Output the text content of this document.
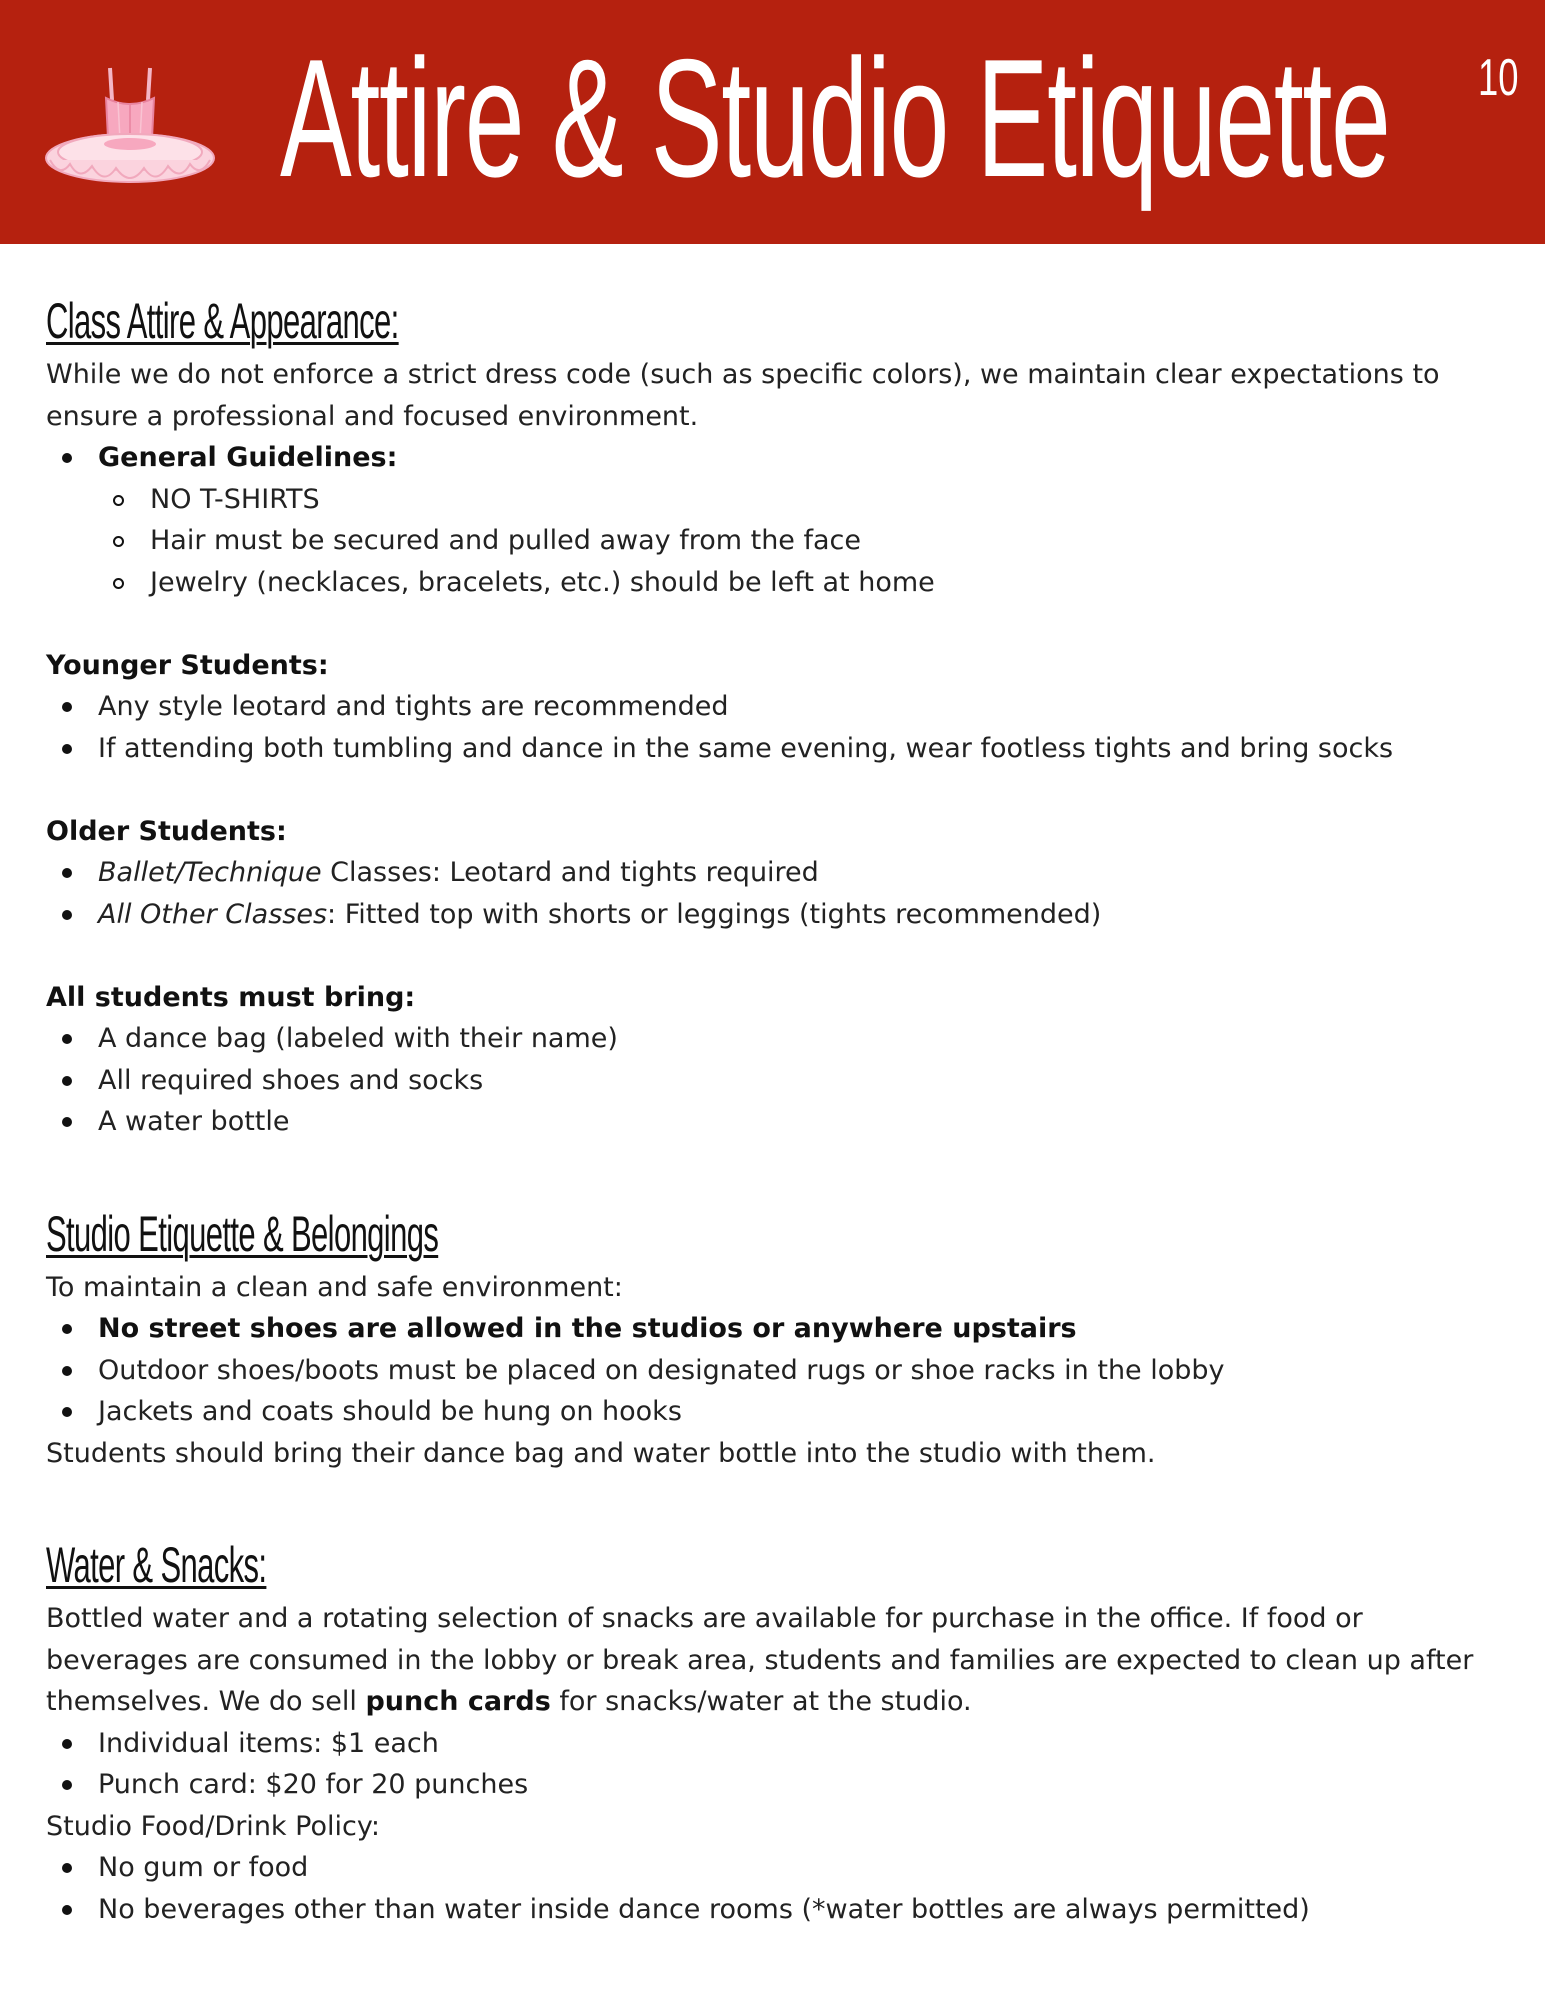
Attire & Studio Etiquette 10
Class Attire & Appearance:

While we do not enforce a strict dress code (such as specific colors), we maintain clear expectations to ensure a professional and focused environment.

General Guidelines:
NO T-SHIRTS
Hair must be secured and pulled away from the face
Jewelry (necklaces, bracelets, etc.) should be left at home

Younger Students:

Any style leotard and tights are recommended
If attending both tumbling and dance in the same evening, wear footless tights and bring socks

Older Students:

Ballet/Technique Classes: Leotard and tights required
All Other Classes: Fitted top with shorts or leggings (tights recommended)

All students must bring:

A dance bag (labeled with their name)
All required shoes and socks
A water bottle
Studio Etiquette & Belongings

To maintain a clean and safe environment:

No street shoes are allowed in the studios or anywhere upstairs
Outdoor shoes/boots must be placed on designated rugs or shoe racks in the lobby
Jackets and coats should be hung on hooks

Students should bring their dance bag and water bottle into the studio with them.

Water & Snacks:

Bottled water and a rotating selection of snacks are available for purchase in the office. If food or beverages are consumed in the lobby or break area, students and families are expected to clean up after themselves. We do sell punch cards for snacks/water at the studio.

Individual items: $1 each
Punch card: $20 for 20 punches

Studio Food/Drink Policy:

No gum or food
No beverages other than water inside dance rooms (*water bottles are always permitted)
